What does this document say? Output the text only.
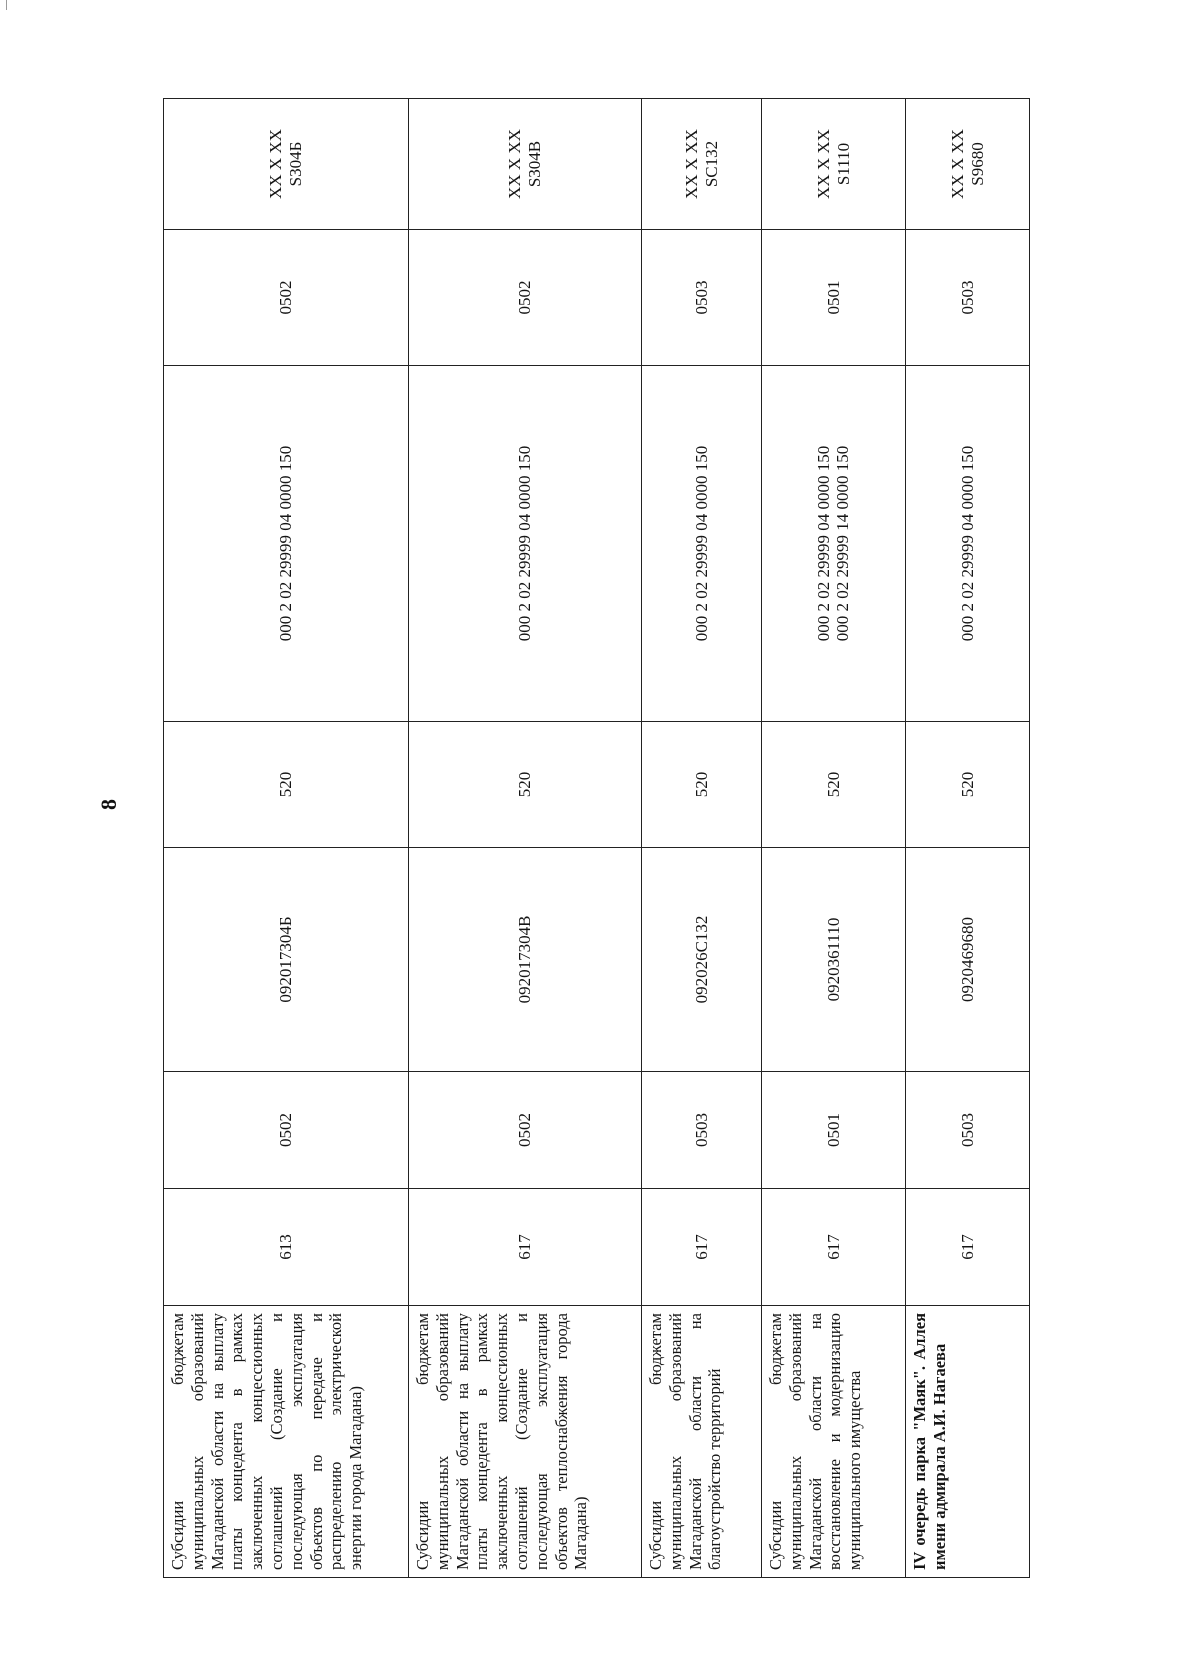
8
Субсидии бюджетам муниципальных образований Магаданской области на выплату платы концедента в рамках заключенных концессионных соглашений (Создание и последующая эксплуатация объектов по передаче и распределению электрической энергии города Магадана)	613	0502	092017304Б	520	000 2 02 29999 04 0000 150	0502	XX X XX S304Б
Субсидии бюджетам муниципальных образований Магаданской области на выплату платы концедента в рамках заключенных концессионных соглашений (Создание и последующая эксплуатация объектов теплоснабжения города Магадана)	617	0502	092017304В	520	000 2 02 29999 04 0000 150	0502	XX X XX S304В
Субсидии бюджетам муниципальных образований Магаданской области на благоустройство территорий	617	0503	092026С132	520	000 2 02 29999 04 0000 150	0503	XX X XX SC132
Субсидии бюджетам муниципальных образований Магаданской области на восстановление и модернизацию муниципального имущества	617	0501	0920361110	520	000 2 02 29999 04 0000 150 000 2 02 29999 14 0000 150	0501	XX X XX S1110
IV очередь парка "Маяк". Аллея имени адмирала А.И. Нагаева	617	0503	0920469680	520	000 2 02 29999 04 0000 150	0503	XX X XX S9680
